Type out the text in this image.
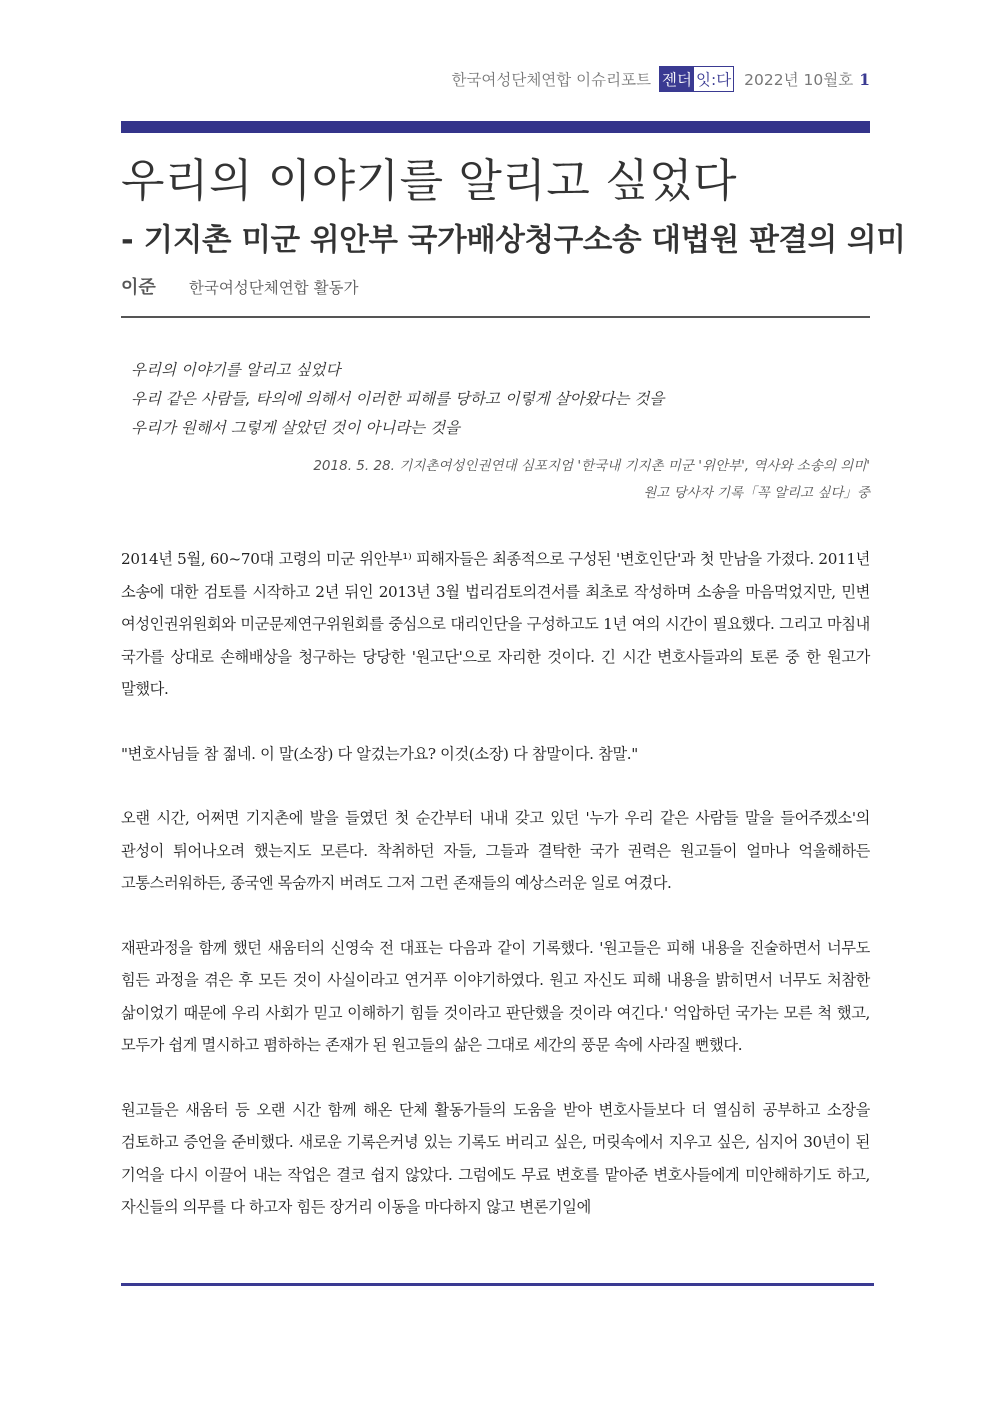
한국여성단체연합 이슈리포트 젠더 잇:다 2022년 10월호 1
우리의 이야기를 알리고 싶었다
- 기지촌 미군 위안부 국가배상청구소송 대법원 판결의 의미
이준 한국여성단체연합 활동가
우리의 이야기를 알리고 싶었다
우리 같은 사람들, 타의에 의해서 이러한 피해를 당하고 이렇게 살아왔다는 것을
우리가 원해서 그렇게 살았던 것이 아니라는 것을
2018. 5. 28. 기지촌여성인권연대 심포지엄 '한국내 기지촌 미군 '위안부', 역사와 소송의 의미'
원고 당사자 기록「꼭 알리고 싶다」중

2014년 5월, 60~70대 고령의 미군 위안부¹⁾ 피해자들은 최종적으로 구성된 '변호인단'과 첫 만남을 가졌다. 2011년 소송에 대한 검토를 시작하고 2년 뒤인 2013년 3월 법리검토의견서를 최초로 작성하며 소송을 마음먹었지만, 민변 여성인권위원회와 미군문제연구위원회를 중심으로 대리인단을 구성하고도 1년 여의 시간이 필요했다. 그리고 마침내 국가를 상대로 손해배상을 청구하는 당당한 '원고단'으로 자리한 것이다. 긴 시간 변호사들과의 토론 중 한 원고가 말했다.

"변호사님들 참 젊네. 이 말(소장) 다 알겄는가요? 이것(소장) 다 참말이다. 참말."

오랜 시간, 어쩌면 기지촌에 발을 들였던 첫 순간부터 내내 갖고 있던 '누가 우리 같은 사람들 말을 들어주겠소'의 관성이 튀어나오려 했는지도 모른다. 착취하던 자들, 그들과 결탁한 국가 권력은 원고들이 얼마나 억울해하든 고통스러워하든, 종국엔 목숨까지 버려도 그저 그런 존재들의 예상스러운 일로 여겼다.

재판과정을 함께 했던 새움터의 신영숙 전 대표는 다음과 같이 기록했다. '원고들은 피해 내용을 진술하면서 너무도 힘든 과정을 겪은 후 모든 것이 사실이라고 연거푸 이야기하였다. 원고 자신도 피해 내용을 밝히면서 너무도 처참한 삶이었기 때문에 우리 사회가 믿고 이해하기 힘들 것이라고 판단했을 것이라 여긴다.' 억압하던 국가는 모른 척 했고, 모두가 쉽게 멸시하고 폄하하는 존재가 된 원고들의 삶은 그대로 세간의 풍문 속에 사라질 뻔했다.

원고들은 새움터 등 오랜 시간 함께 해온 단체 활동가들의 도움을 받아 변호사들보다 더 열심히 공부하고 소장을 검토하고 증언을 준비했다. 새로운 기록은커녕 있는 기록도 버리고 싶은, 머릿속에서 지우고 싶은, 심지어 30년이 된 기억을 다시 이끌어 내는 작업은 결코 쉽지 않았다. 그럼에도 무료 변호를 맡아준 변호사들에게 미안해하기도 하고, 자신들의 의무를 다 하고자 힘든 장거리 이동을 마다하지 않고 변론기일에
